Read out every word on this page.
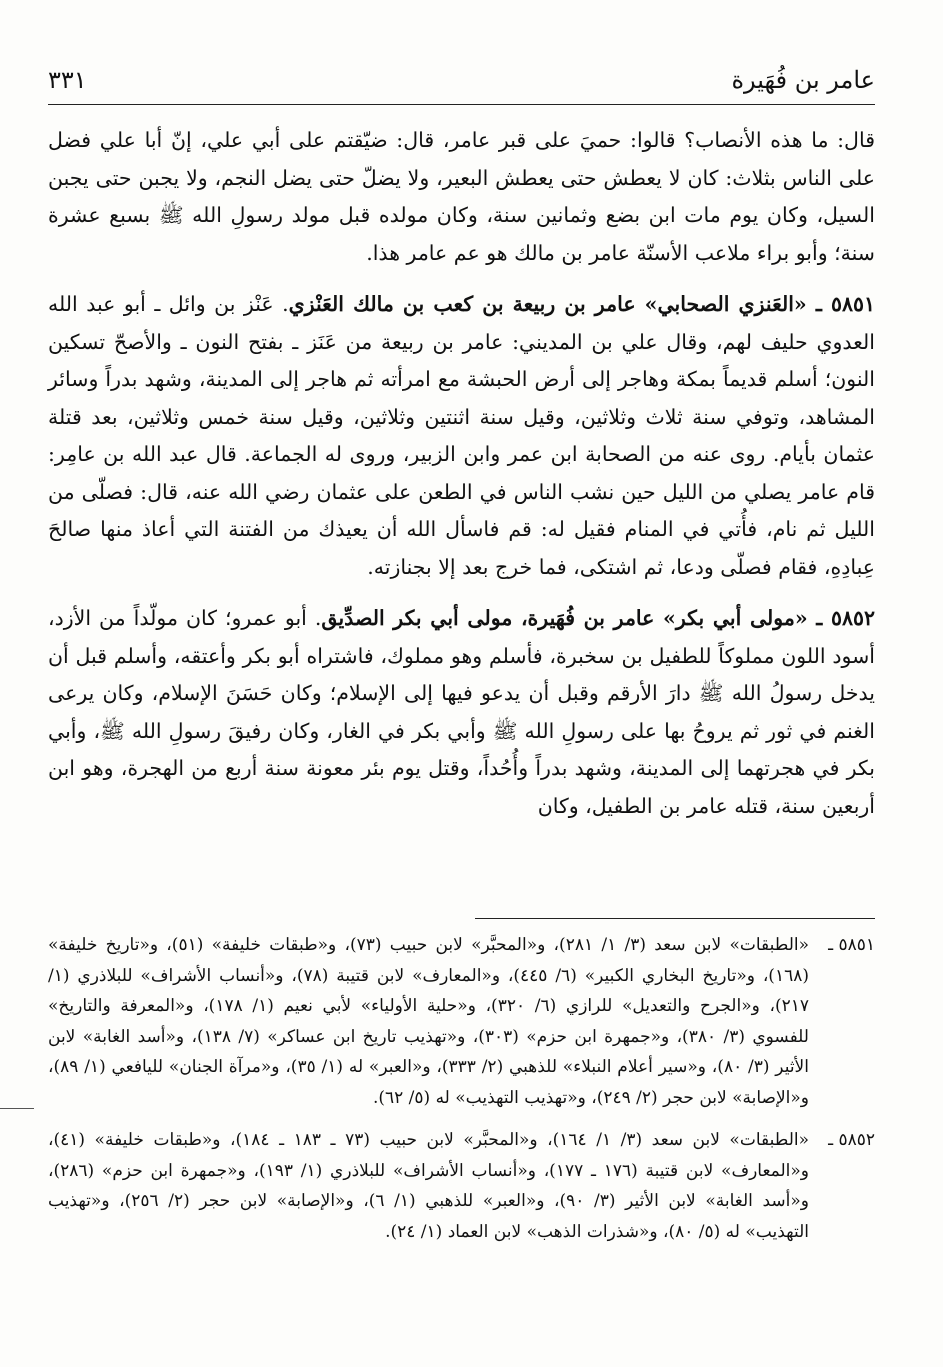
عامر بن فُهَيرة
٣٣١

قال: ما هذه الأنصاب؟ قالوا: حميَ على قبر عامر، قال: ضيّقتم على أبي علي، إنّ أبا علي فضل على الناس بثلاث: كان لا يعطش حتى يعطش البعير، ولا يضلّ حتى يضل النجم، ولا يجبن حتى يجبن السيل، وكان يوم مات ابن بضع وثمانين سنة، وكان مولده قبل مولد رسولِ الله ﷺ بسبع عشرة سنة؛ وأبو براء ملاعب الأسنّة عامر بن مالك هو عم عامر هذا.

٥٨٥١ ـ «العَنزي الصحابي» عامر بن ربيعة بن كعب بن مالك العَنْزي. عَنْز بن وائل ـ أبو عبد الله العدوي حليف لهم، وقال علي بن المديني: عامر بن ربيعة من عَنَز ـ بفتح النون ـ والأصحّ تسكين النون؛ أسلم قديماً بمكة وهاجر إلى أرض الحبشة مع امرأته ثم هاجر إلى المدينة، وشهد بدراً وسائر المشاهد، وتوفي سنة ثلاث وثلاثين، وقيل سنة اثنتين وثلاثين، وقيل سنة خمس وثلاثين، بعد قتلة عثمان بأيام. روى عنه من الصحابة ابن عمر وابن الزبير، وروى له الجماعة. قال عبد الله بن عامِر: قام عامر يصلي من الليل حين نشب الناس في الطعن على عثمان رضي الله عنه، قال: فصلّى من الليل ثم نام، فأُتي في المنام فقيل له: قم فاسأل الله أن يعيذك من الفتنة التي أعاذ منها صالحَ عِبادِهِ، فقام فصلّى ودعا، ثم اشتكى، فما خرج بعد إلا بجنازته.

٥٨٥٢ ـ «مولى أبي بكر» عامر بن فُهَيرة، مولى أبي بكر الصدِّيق. أبو عمرو؛ كان مولّداً من الأزد، أسود اللون مملوكاً للطفيل بن سخبرة، فأسلم وهو مملوك، فاشتراه أبو بكر وأعتقه، وأسلم قبل أن يدخل رسولُ الله ﷺ دارَ الأرقم وقبل أن يدعو فيها إلى الإسلام؛ وكان حَسَنَ الإسلام، وكان يرعى الغنم في ثور ثم يروحُ بها على رسولِ الله ﷺ وأبي بكر في الغار، وكان رفيقَ رسولِ الله ﷺ، وأبي بكر في هجرتهما إلى المدينة، وشهد بدراً وأُحُداً، وقتل يوم بئر معونة سنة أربع من الهجرة، وهو ابن أربعين سنة، قتله عامر بن الطفيل، وكان

٥٨٥١ ـ
«الطبقات» لابن سعد (٣/ ١/ ٢٨١)، و«المحبَّر» لابن حبيب (٧٣)، و«طبقات خليفة» (٥١)، و«تاريخ خليفة» (١٦٨)، و«تاريخ البخاري الكبير» (٦/ ٤٤٥)، و«المعارف» لابن قتيبة (٧٨)، و«أنساب الأشراف» للبلاذري (١/ ٢١٧)، و«الجرح والتعديل» للرازي (٦/ ٣٢٠)، و«حلية الأولياء» لأبي نعيم (١/ ١٧٨)، و«المعرفة والتاريخ» للفسوي (٣/ ٣٨٠)، و«جمهرة ابن حزم» (٣٠٣)، و«تهذيب تاريخ ابن عساكر» (٧/ ١٣٨)، و«أسد الغابة» لابن الأثير (٣/ ٨٠)، و«سير أعلام النبلاء» للذهبي (٢/ ٣٣٣)، و«العبر» له (١/ ٣٥)، و«مرآة الجنان» لليافعي (١/ ٨٩)، و«الإصابة» لابن حجر (٢/ ٢٤٩)، و«تهذيب التهذيب» له (٥/ ٦٢).
٥٨٥٢ ـ
«الطبقات» لابن سعد (٣/ ١/ ١٦٤)، و«المحبَّر» لابن حبيب (٧٣ ـ ١٨٣ ـ ١٨٤)، و«طبقات خليفة» (٤١)، و«المعارف» لابن قتيبة (١٧٦ ـ ١٧٧)، و«أنساب الأشراف» للبلاذري (١/ ١٩٣)، و«جمهرة ابن حزم» (٢٨٦)، و«أسد الغابة» لابن الأثير (٣/ ٩٠)، و«العبر» للذهبي (١/ ٦)، و«الإصابة» لابن حجر (٢/ ٢٥٦)، و«تهذيب التهذيب» له (٥/ ٨٠)، و«شذرات الذهب» لابن العماد (١/ ٢٤).
